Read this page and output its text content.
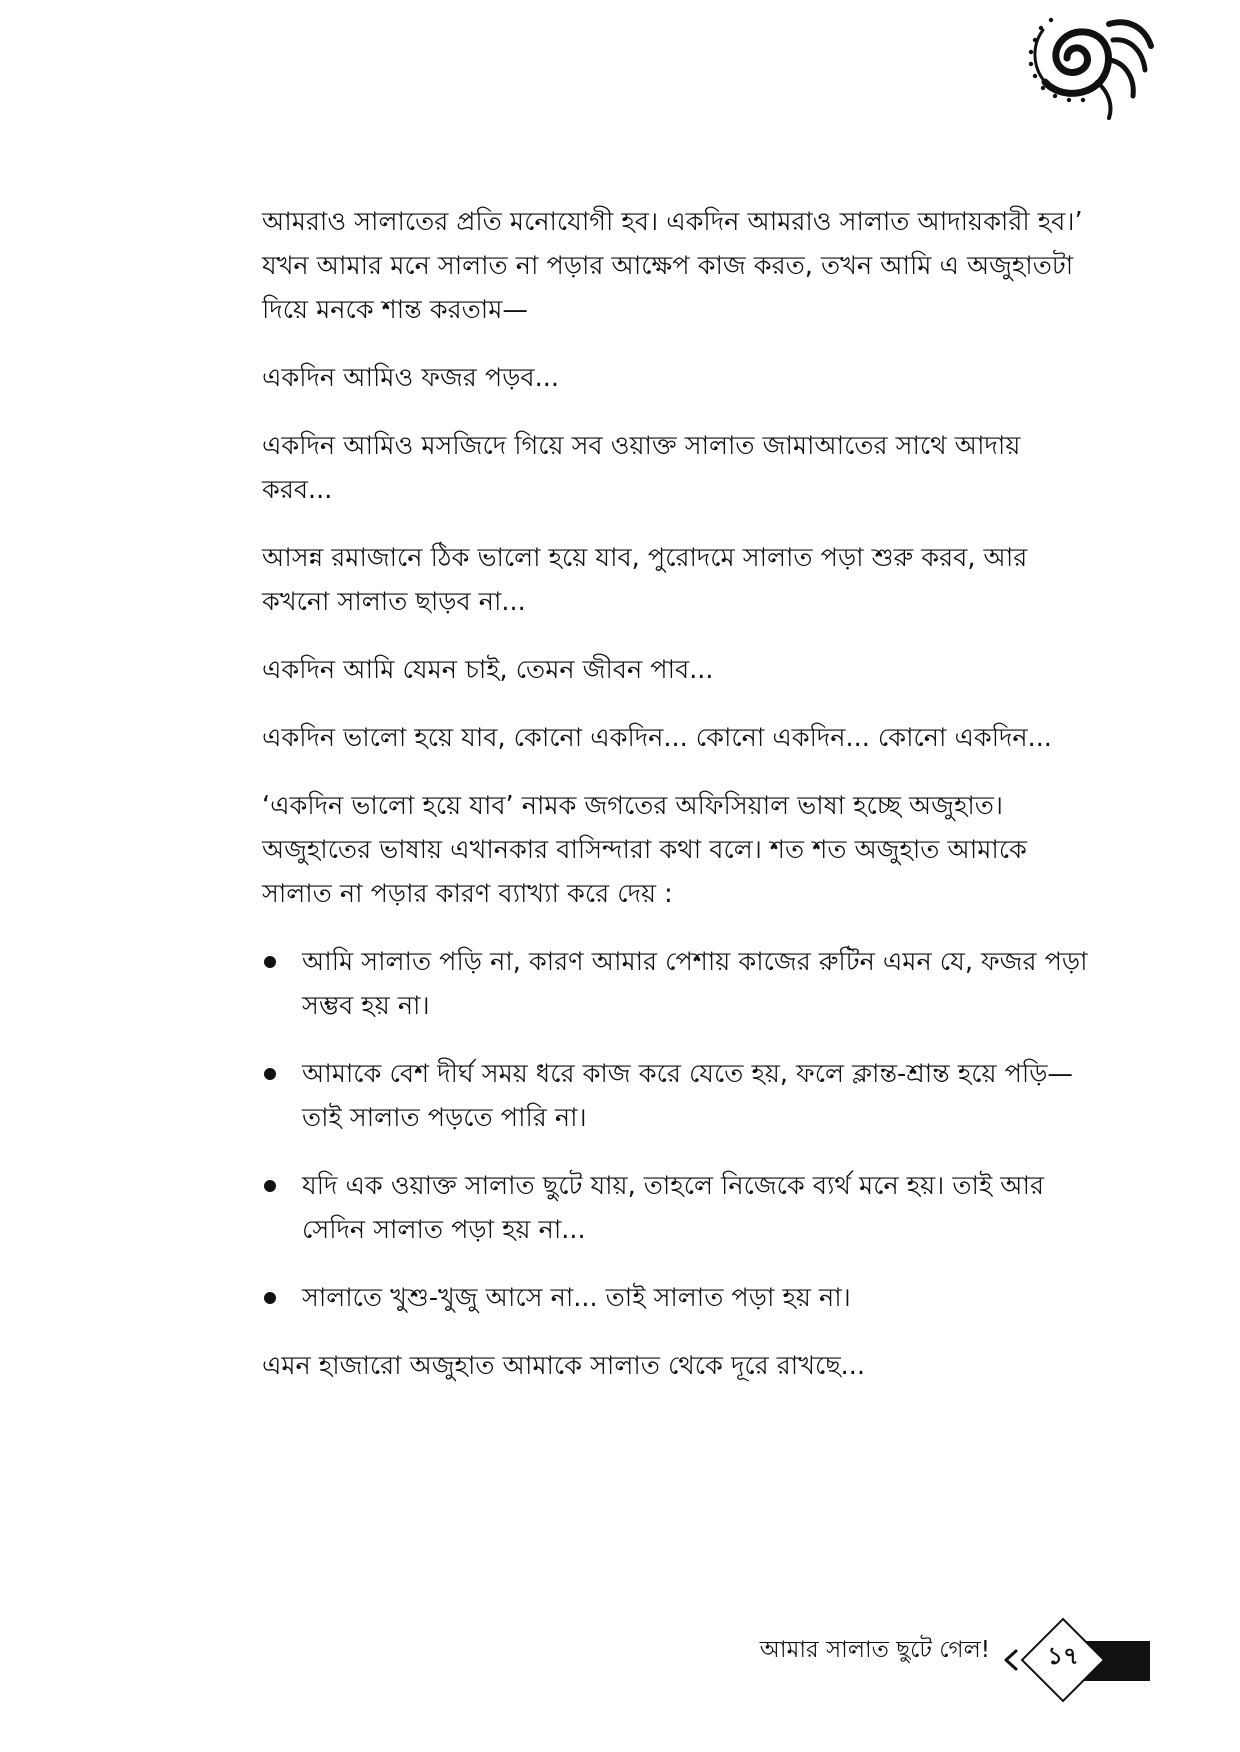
আমরাও সালাতের প্রতি মনোযোগী হব। একদিন আমরাও সালাত আদায়কারী হব।’ যখন আমার মনে সালাত না পড়ার আক্ষেপ কাজ করত, তখন আমি এ অজুহাতটা দিয়ে মনকে শান্ত করতাম—

একদিন আমিও ফজর পড়ব...

একদিন আমিও মসজিদে গিয়ে সব ওয়াক্ত সালাত জামাআতের সাথে আদায় করব...

আসন্ন রমাজানে ঠিক ভালো হয়ে যাব, পুরোদমে সালাত পড়া শুরু করব, আর কখনো সালাত ছাড়ব না...

একদিন আমি যেমন চাই, তেমন জীবন পাব...

একদিন ভালো হয়ে যাব, কোনো একদিন... কোনো একদিন... কোনো একদিন...

‘একদিন ভালো হয়ে যাব’ নামক জগতের অফিসিয়াল ভাষা হচ্ছে অজুহাত। অজুহাতের ভাষায় এখানকার বাসিন্দারা কথা বলে। শত শত অজুহাত আমাকে সালাত না পড়ার কারণ ব্যাখ্যা করে দেয় :

আমি সালাত পড়ি না, কারণ আমার পেশায় কাজের রুটিন এমন যে, ফজর পড়া সম্ভব হয় না।
আমাকে বেশ দীর্ঘ সময় ধরে কাজ করে যেতে হয়, ফলে ক্লান্ত-শ্রান্ত হয়ে পড়ি—তাই সালাত পড়তে পারি না।
যদি এক ওয়াক্ত সালাত ছুটে যায়, তাহলে নিজেকে ব্যর্থ মনে হয়। তাই আর সেদিন সালাত পড়া হয় না...
সালাতে খুশু-খুজু আসে না... তাই সালাত পড়া হয় না।

এমন হাজারো অজুহাত আমাকে সালাত থেকে দূরে রাখছে...

আমার সালাত ছুটে গেল!	১৭
